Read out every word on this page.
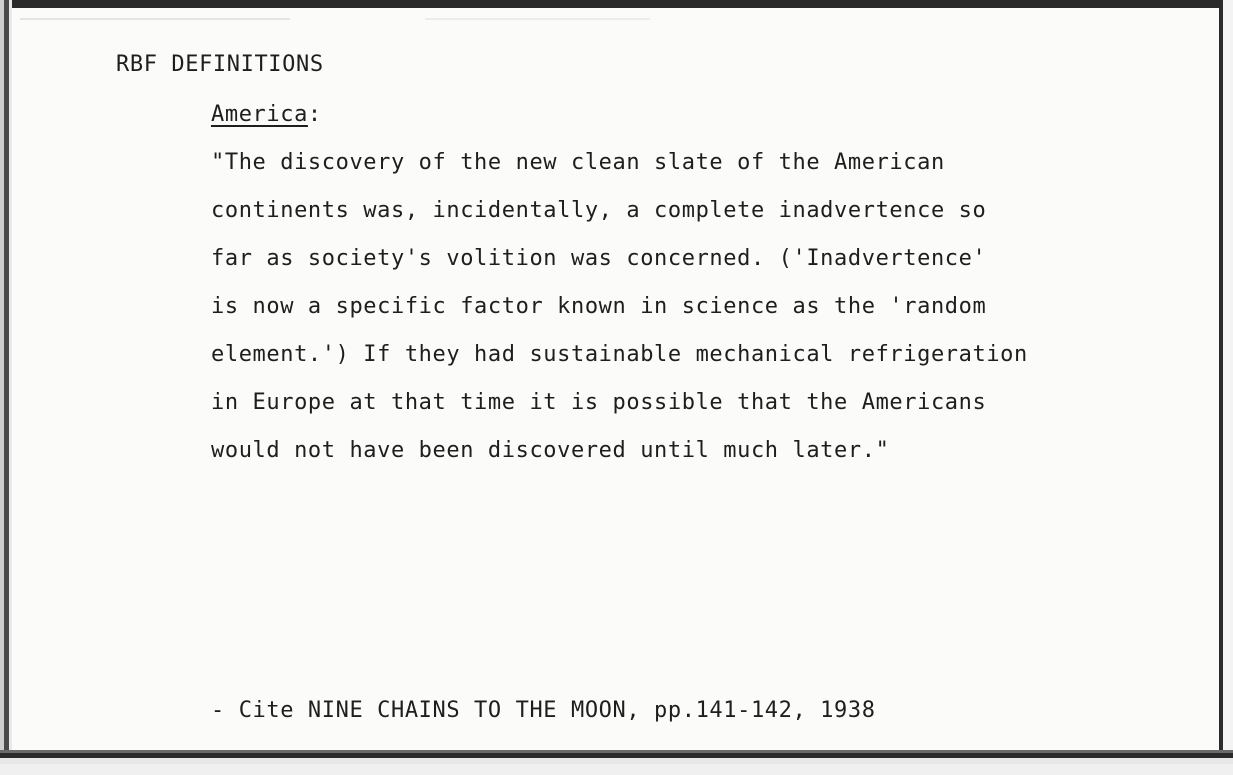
RBF DEFINITIONS
America:
"The discovery of the new clean slate of the American
continents was, incidentally, a complete inadvertence so
far as society's volition was concerned. ('Inadvertence'
is now a specific factor known in science as the 'random
element.') If they had sustainable mechanical refrigeration
in Europe at that time it is possible that the Americans
would not have been discovered until much later."
- Cite NINE CHAINS TO THE MOON, pp.141-142, 1938
